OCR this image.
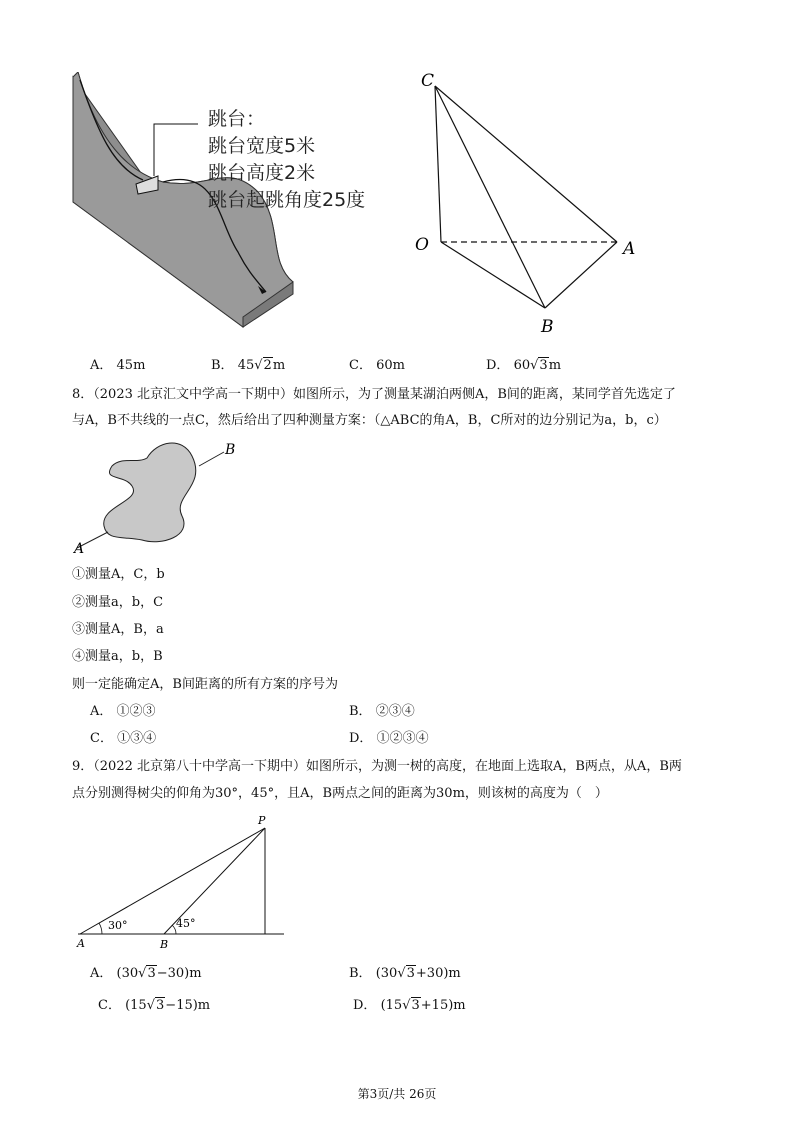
跳台：
跳台宽度5米
跳台高度2米
跳台起跳角度25度
C
O	A
B
A． 45m	B． 45√2m	C． 60m	D． 60√3m
8．（2023 北京汇文中学高一下期中）如图所示，为了测量某湖泊两侧A，B间的距离，某同学首先选定了
与A，B不共线的一点C，然后给出了四种测量方案：（△ABC的角A，B，C所对的边分别记为a，b，c）
A
B
①测量A，C，b
②测量a，b，C
③测量A，B，a
④测量a，b，B
则一定能确定A，B间距离的所有方案的序号为
A． ①②③	B． ②③④
C． ①③④	D． ①②③④
9．（2022 北京第八十中学高一下期中）如图所示，为测一树的高度，在地面上选取A，B两点，从A，B两
点分别测得树尖的仰角为30°，45°，且A，B两点之间的距离为30m，则该树的高度为（　）
P
A	B
30°	45°
A． (30√3−30)m	B． (30√3+30)m
C． (15√3−15)m	D． (15√3+15)m
第3页/共 26页
